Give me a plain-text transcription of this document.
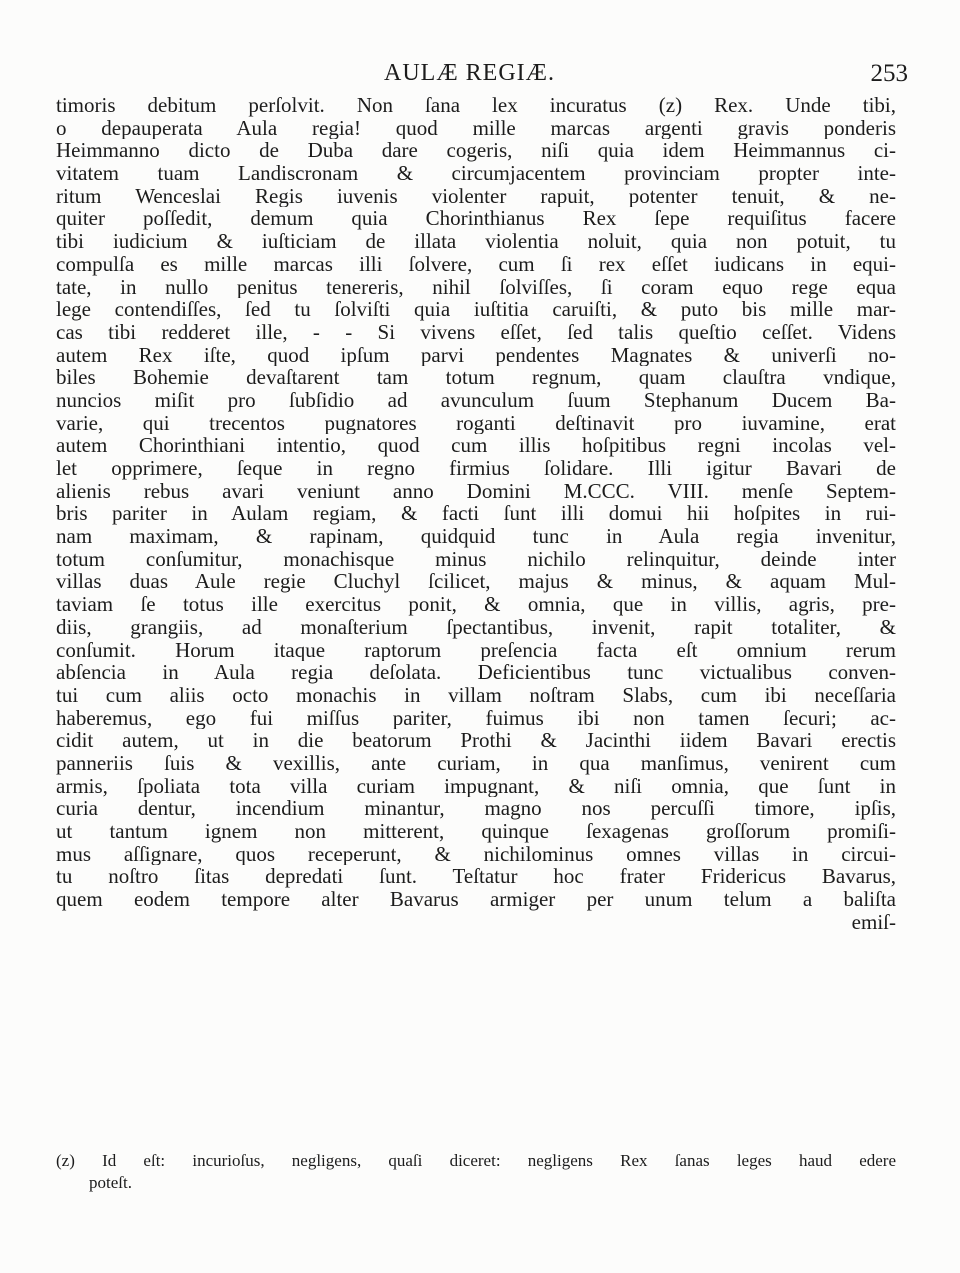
AULÆ REGIÆ.	253
timoris debitum perſolvit. Non ſana lex incuratus (z) Rex. Unde tibi,
o depauperata Aula regia! quod mille marcas argenti gravis ponderis
Heimmanno dicto de Duba dare cogeris, niſi quia idem Heimmannus ci-
vitatem tuam Landiscronam & circumjacentem provinciam propter inte-
ritum Wenceslai Regis iuvenis violenter rapuit, potenter tenuit, & ne-
quiter poſſedit, demum quia Chorinthianus Rex ſepe requiſitus facere
tibi iudicium & iuſticiam de illata violentia noluit, quia non potuit, tu
compulſa es mille marcas illi ſolvere, cum ſi rex eſſet iudicans in equi-
tate, in nullo penitus tenereris, nihil ſolviſſes, ſi coram equo rege equa
lege contendiſſes, ſed tu ſolviſti quia iuſtitia caruiſti, & puto bis mille mar-
cas tibi redderet ille, - - Si vivens eſſet, ſed talis queſtio ceſſet. Videns
autem Rex iſte, quod ipſum parvi pendentes Magnates & univerſi no-
biles Bohemie devaſtarent tam totum regnum, quam clauſtra vndique,
nuncios miſit pro ſubſidio ad avunculum ſuum Stephanum Ducem Ba-
varie, qui trecentos pugnatores roganti deſtinavit pro iuvamine, erat
autem Chorinthiani intentio, quod cum illis hoſpitibus regni incolas vel-
let opprimere, ſeque in regno firmius ſolidare. Illi igitur Bavari de
alienis rebus avari veniunt anno Domini M.CCC. VIII. menſe Septem-
bris pariter in Aulam regiam, & facti ſunt illi domui hii hoſpites in rui-
nam maximam, & rapinam, quidquid tunc in Aula regia invenitur,
totum conſumitur, monachisque minus nichilo relinquitur, deinde inter
villas duas Aule regie Cluchyl ſcilicet, majus & minus, & aquam Mul-
taviam ſe totus ille exercitus ponit, & omnia, que in villis, agris, pre-
diis, grangiis, ad monaſterium ſpectantibus, invenit, rapit totaliter, &
conſumit. Horum itaque raptorum preſencia facta eſt omnium rerum
abſencia in Aula regia deſolata. Deficientibus tunc victualibus conven-
tui cum aliis octo monachis in villam noſtram Slabs, cum ibi neceſſaria
haberemus, ego fui miſſus pariter, fuimus ibi non tamen ſecuri; ac-
cidit autem, ut in die beatorum Prothi & Jacinthi iidem Bavari erectis
panneriis ſuis & vexillis, ante curiam, in qua manſimus, venirent cum
armis, ſpoliata tota villa curiam impugnant, & niſi omnia, que ſunt in
curia dentur, incendium minantur, magno nos percuſſi timore, ipſis,
ut tantum ignem non mitterent, quinque ſexagenas groſſorum promiſi-
mus aſſignare, quos receperunt, & nichilominus omnes villas in circui-
tu noſtro ſitas depredati ſunt. Teſtatur hoc frater Fridericus Bavarus,
quem eodem tempore alter Bavarus armiger per unum telum a baliſta
emiſ-
(z) Id eſt: incurioſus, negligens, quaſi diceret: negligens Rex ſanas leges haud edere
poteſt.
